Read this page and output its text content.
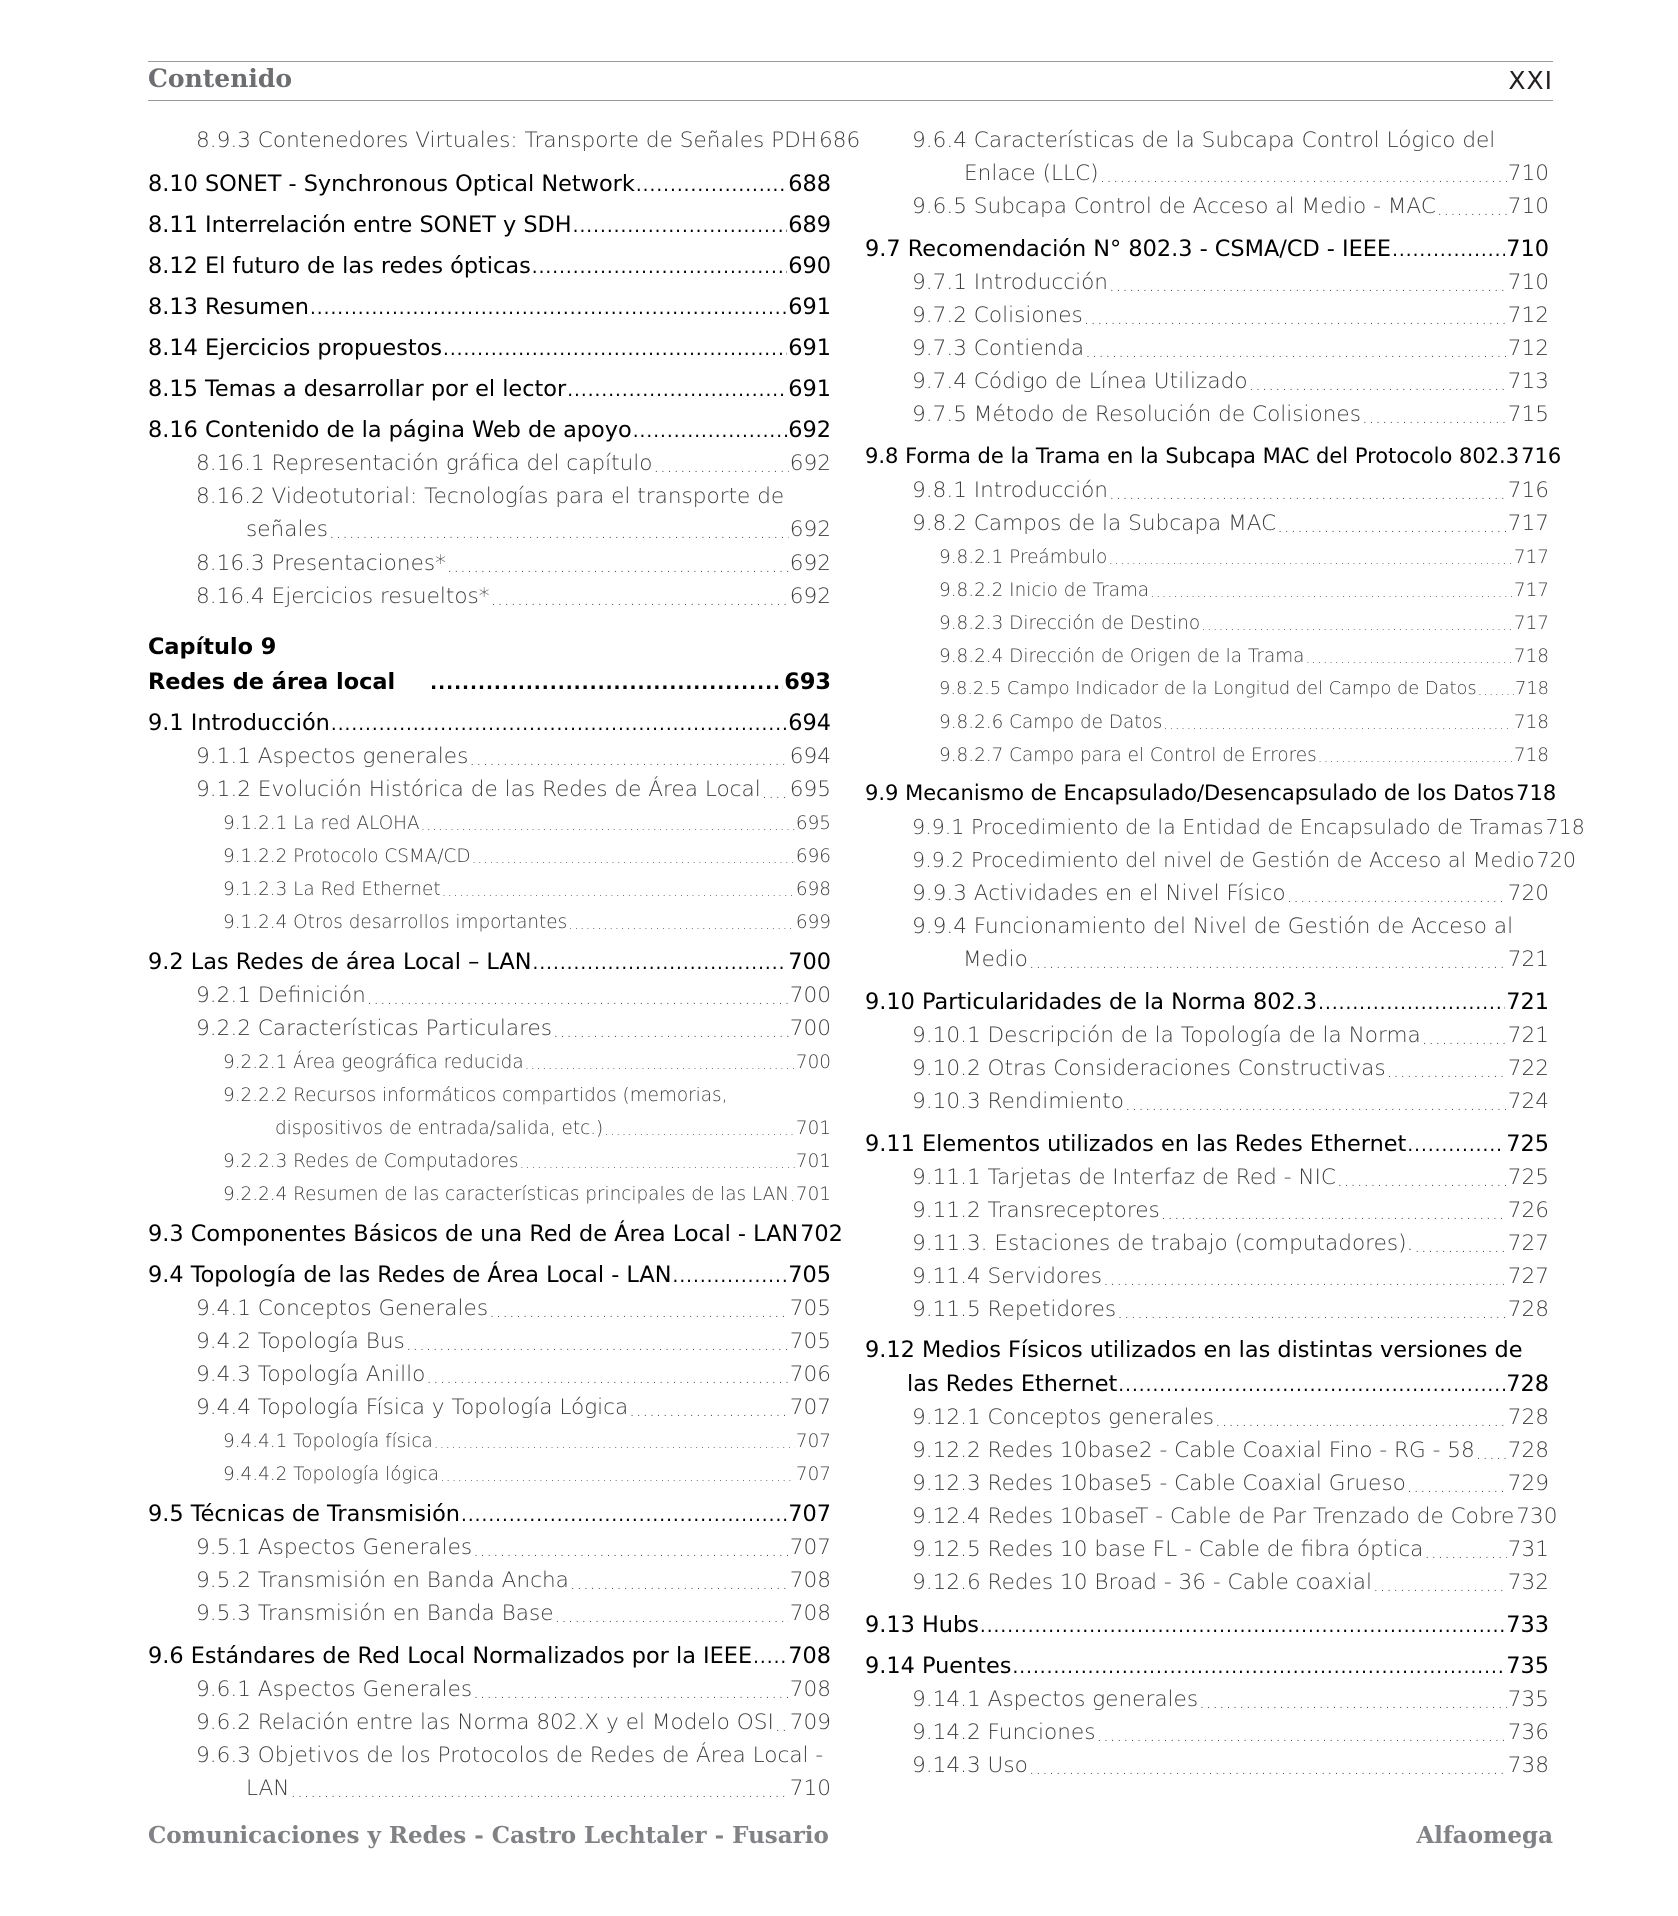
Contenido	XXI
8.9.3 Contenedores Virtuales: Transporte de Señales PDH 686
8.10 SONET - Synchronous Optical Network .....	688
8.11 Interrelación entre SONET y SDH .....	689
8.12 El futuro de las redes ópticas .....	690
8.13 Resumen .....	691
8.14 Ejercicios propuestos .....	691
8.15 Temas a desarrollar por el lector .....	691
8.16 Contenido de la página Web de apoyo .....	692
8.16.1 Representación gráfica del capítulo .....	692
8.16.2 Videotutorial: Tecnologías para el transporte de
señales .....	692
8.16.3 Presentaciones* .....	692
8.16.4 Ejercicios resueltos* .....	692
Capítulo 9
Redes de área local .....	693
9.1 Introducción .....	694
9.1.1 Aspectos generales .....	694
9.1.2 Evolución Histórica de las Redes de Área Local ..... 695
9.1.2.1 La red ALOHA .....	695
9.1.2.2 Protocolo CSMA/CD .....	696
9.1.2.3 La Red Ethernet .....	698
9.1.2.4 Otros desarrollos importantes .....	699
9.2 Las Redes de área Local – LAN .....	700
9.2.1 Definición .....	700
9.2.2 Características Particulares .....	700
9.2.2.1 Área geográfica reducida .....	700
9.2.2.2 Recursos informáticos compartidos (memorias,
dispositivos de entrada/salida, etc.) .....	701
9.2.2.3 Redes de Computadores .....	701
9.2.2.4 Resumen de las características principales de las LAN ..... 701
9.3 Componentes Básicos de una Red de Área Local - LAN 702
9.4 Topología de las Redes de Área Local - LAN .....	705
9.4.1 Conceptos Generales .....	705
9.4.2 Topología Bus .....	705
9.4.3 Topología Anillo .....	706
9.4.4 Topología Física y Topología Lógica .....	707
9.4.4.1 Topología física .....	707
9.4.4.2 Topología lógica .....	707
9.5 Técnicas de Transmisión .....	707
9.5.1 Aspectos Generales .....	707
9.5.2 Transmisión en Banda Ancha .....	708
9.5.3 Transmisión en Banda Base .....	708
9.6 Estándares de Red Local Normalizados por la IEEE ..... 708
9.6.1 Aspectos Generales .....	708
9.6.2 Relación entre las Norma 802.X y el Modelo OSI ..... 709
9.6.3 Objetivos de los Protocolos de Redes de Área Local -
LAN .....	710
9.6.4 Características de la Subcapa Control Lógico del
Enlace (LLC) .....	710
9.6.5 Subcapa Control de Acceso al Medio - MAC .....	710
9.7 Recomendación N° 802.3 - CSMA/CD - IEEE .....	710
9.7.1 Introducción .....	710
9.7.2 Colisiones .....	712
9.7.3 Contienda .....	712
9.7.4 Código de Línea Utilizado .....	713
9.7.5 Método de Resolución de Colisiones .....	715
9.8 Forma de la Trama en la Subcapa MAC del Protocolo 802.3 716
9.8.1 Introducción .....	716
9.8.2 Campos de la Subcapa MAC .....	717
9.8.2.1 Preámbulo .....	717
9.8.2.2 Inicio de Trama .....	717
9.8.2.3 Dirección de Destino .....	717
9.8.2.4 Dirección de Origen de la Trama .....	718
9.8.2.5 Campo Indicador de la Longitud del Campo de Datos ..... 718
9.8.2.6 Campo de Datos .....	718
9.8.2.7 Campo para el Control de Errores .....	718
9.9 Mecanismo de Encapsulado/Desencapsulado de los Datos 718
9.9.1 Procedimiento de la Entidad de Encapsulado de Tramas 718
9.9.2 Procedimiento del nivel de Gestión de Acceso al Medio 720
9.9.3 Actividades en el Nivel Físico .....	720
9.9.4 Funcionamiento del Nivel de Gestión de Acceso al
Medio .....	721
9.10 Particularidades de la Norma 802.3 .....	721
9.10.1 Descripción de la Topología de la Norma .....	721
9.10.2 Otras Consideraciones Constructivas .....	722
9.10.3 Rendimiento .....	724
9.11 Elementos utilizados en las Redes Ethernet .....	725
9.11.1 Tarjetas de Interfaz de Red - NIC .....	725
9.11.2 Transreceptores .....	726
9.11.3. Estaciones de trabajo (computadores). .....	727
9.11.4 Servidores .....	727
9.11.5 Repetidores .....	728
9.12 Medios Físicos utilizados en las distintas versiones de
las Redes Ethernet .....	728
9.12.1 Conceptos generales .....	728
9.12.2 Redes 10base2 - Cable Coaxial Fino - RG - 58 ..... 728
9.12.3 Redes 10base5 - Cable Coaxial Grueso .....	729
9.12.4 Redes 10baseT - Cable de Par Trenzado de Cobre 730
9.12.5 Redes 10 base FL - Cable de fibra óptica .....	731
9.12.6 Redes 10 Broad - 36 - Cable coaxial .....	732
9.13 Hubs .....	733
9.14 Puentes .....	735
9.14.1 Aspectos generales .....	735
9.14.2 Funciones .....	736
9.14.3 Uso .....	738
Comunicaciones y Redes - Castro Lechtaler - Fusario	Alfaomega
